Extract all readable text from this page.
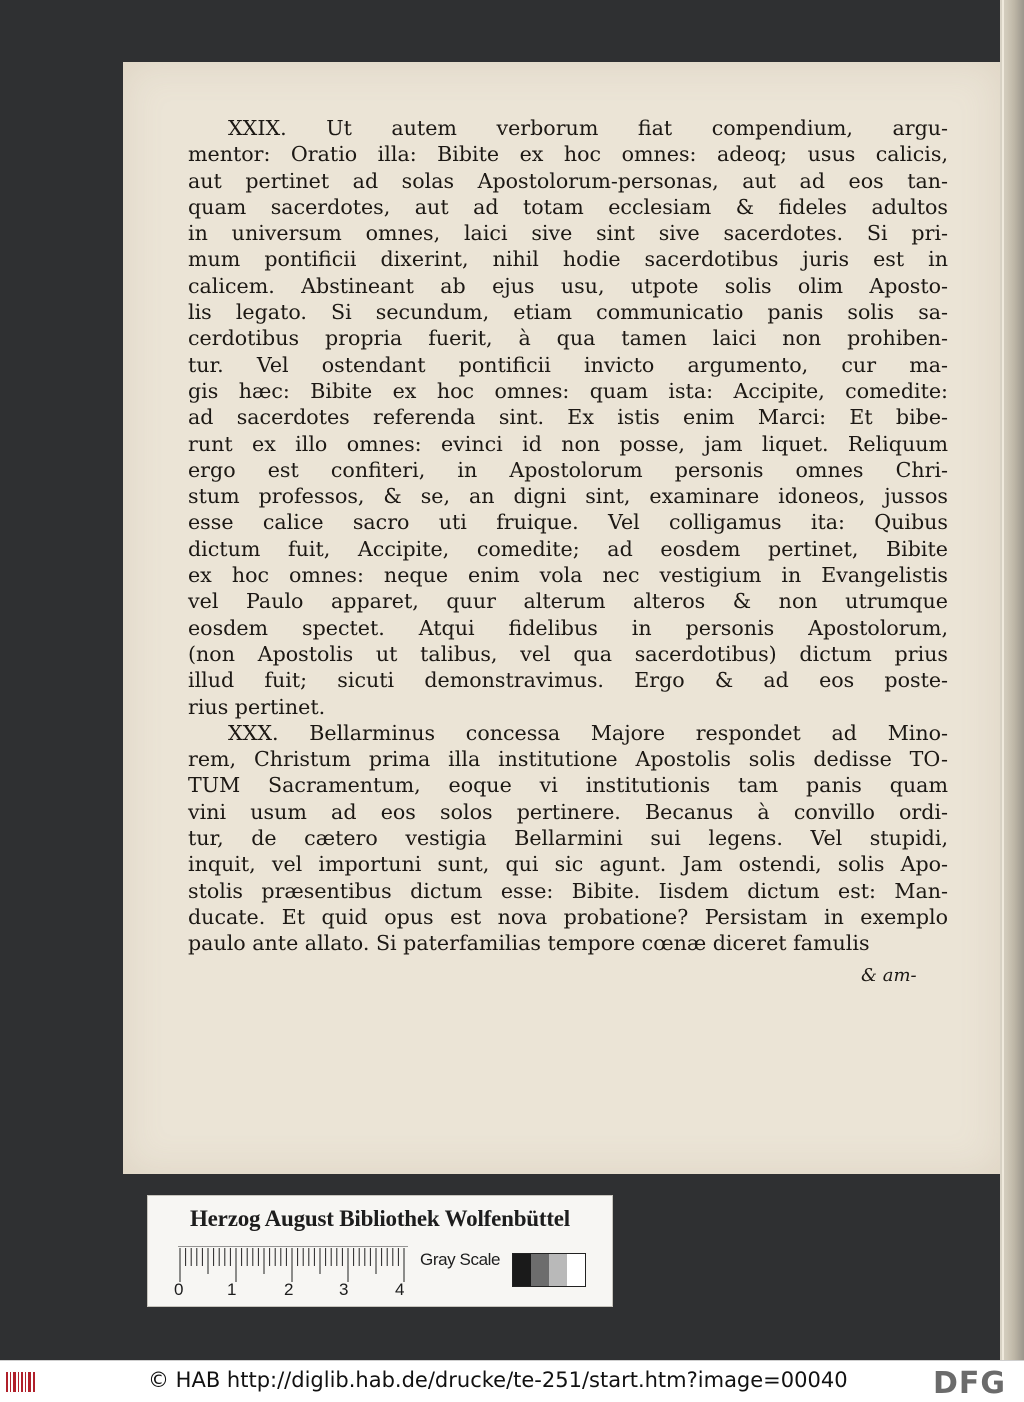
XXIX. Ut autem verborum fiat compendium, argu-

mentor: Oratio illa: Bibite ex hoc omnes: adeoq; usus calicis,

aut pertinet ad solas Apostolorum-personas, aut ad eos tan-

quam sacerdotes, aut ad totam ecclesiam & fideles adultos

in universum omnes, laici sive sint sive sacerdotes. Si pri-

mum pontificii dixerint, nihil hodie sacerdotibus juris est in

calicem. Abstineant ab ejus usu, utpote solis olim Aposto-

lis legato. Si secundum, etiam communicatio panis solis sa-

cerdotibus propria fuerit, à qua tamen laici non prohiben-

tur. Vel ostendant pontificii invicto argumento, cur ma-

gis hæc: Bibite ex hoc omnes: quam ista: Accipite, comedite:

ad sacerdotes referenda sint. Ex istis enim Marci: Et bibe-

runt ex illo omnes: evinci id non posse, jam liquet. Reliquum

ergo est confiteri, in Apostolorum personis omnes Chri-

stum professos, & se, an digni sint, examinare idoneos, jussos

esse calice sacro uti fruique. Vel colligamus ita: Quibus

dictum fuit, Accipite, comedite; ad eosdem pertinet, Bibite

ex hoc omnes: neque enim vola nec vestigium in Evangelistis

vel Paulo apparet, quur alterum alteros & non utrumque

eosdem spectet. Atqui fidelibus in personis Apostolorum,

(non Apostolis ut talibus, vel qua sacerdotibus) dictum prius

illud fuit; sicuti demonstravimus. Ergo & ad eos poste-

rius pertinet.

XXX. Bellarminus concessa Majore respondet ad Mino-

rem, Christum prima illa institutione Apostolis solis dedisse TO-

TUM Sacramentum, eoque vi institutionis tam panis quam

vini usum ad eos solos pertinere. Becanus à convillo ordi-

tur, de cætero vestigia Bellarmini sui legens. Vel stupidi,

inquit, vel importuni sunt, qui sic agunt. Jam ostendi, solis Apo-

stolis præsentibus dictum esse: Bibite. Iisdem dictum est: Man-

ducate. Et quid opus est nova probatione? Persistam in exemplo

paulo ante allato. Si paterfamilias tempore cœnæ diceret famulis

& am-
Herzog August Bibliothek Wolfenbüttel
0	1	2	3	4
Gray Scale
© HAB http://diglib.hab.de/drucke/te-251/start.htm?image=00040	DFG
